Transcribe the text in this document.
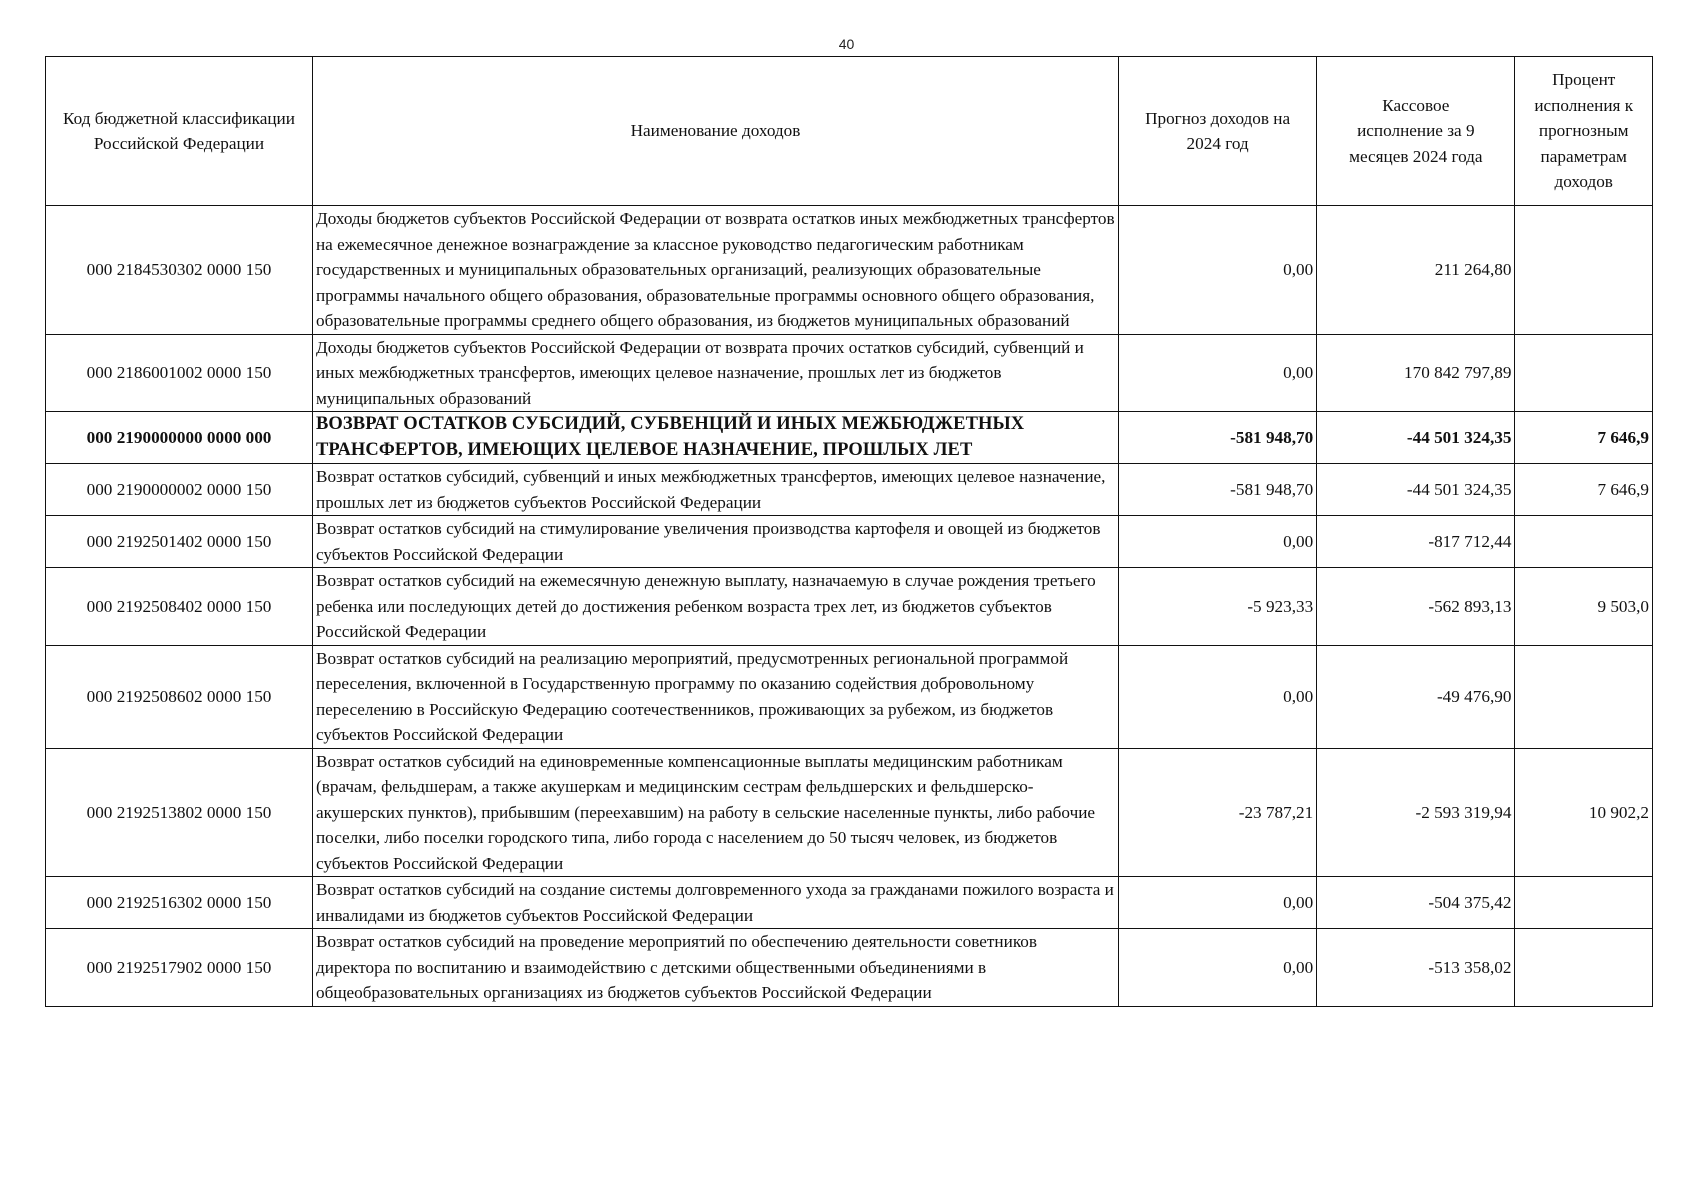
40
Код бюджетной классификации Российской Федерации	Наименование доходов	Прогноз доходов на 2024 год	Кассовое исполнение за 9 месяцев 2024 года	Процент исполнения к прогнозным параметрам доходов
000 2184530302 0000 150	Доходы бюджетов субъектов Российской Федерации от возврата остатков иных межбюджетных трансфертов на ежемесячное денежное вознаграждение за классное руководство педагогическим работникам государственных и муниципальных образовательных организаций, реализующих образовательные программы начального общего образования, образовательные программы основного общего образования, образовательные программы среднего общего образования, из бюджетов муниципальных образований	0,00	211 264,80	
000 2186001002 0000 150	Доходы бюджетов субъектов Российской Федерации от возврата прочих остатков субсидий, субвенций и иных межбюджетных трансфертов, имеющих целевое назначение, прошлых лет из бюджетов муниципальных образований	0,00	170 842 797,89	
000 2190000000 0000 000	ВОЗВРАТ ОСТАТКОВ СУБСИДИЙ, СУБВЕНЦИЙ И ИНЫХ МЕЖБЮДЖЕТНЫХ ТРАНСФЕРТОВ, ИМЕЮЩИХ ЦЕЛЕВОЕ НАЗНАЧЕНИЕ, ПРОШЛЫХ ЛЕТ	-581 948,70	-44 501 324,35	7 646,9
000 2190000002 0000 150	Возврат остатков субсидий, субвенций и иных межбюджетных трансфертов, имеющих целевое назначение, прошлых лет из бюджетов субъектов Российской Федерации	-581 948,70	-44 501 324,35	7 646,9
000 2192501402 0000 150	Возврат остатков субсидий на стимулирование увеличения производства картофеля и овощей из бюджетов субъектов Российской Федерации	0,00	-817 712,44	
000 2192508402 0000 150	Возврат остатков субсидий на ежемесячную денежную выплату, назначаемую в случае рождения третьего ребенка или последующих детей до достижения ребенком возраста трех лет, из бюджетов субъектов Российской Федерации	-5 923,33	-562 893,13	9 503,0
000 2192508602 0000 150	Возврат остатков субсидий на реализацию мероприятий, предусмотренных региональной программой переселения, включенной в Государственную программу по оказанию содействия добровольному переселению в Российскую Федерацию соотечественников, проживающих за рубежом, из бюджетов субъектов Российской Федерации	0,00	-49 476,90	
000 2192513802 0000 150	Возврат остатков субсидий на единовременные компенсационные выплаты медицинским работникам (врачам, фельдшерам, а также акушеркам и медицинским сестрам фельдшерских и фельдшерско-акушерских пунктов), прибывшим (переехавшим) на работу в сельские населенные пункты, либо рабочие поселки, либо поселки городского типа, либо города с населением до 50 тысяч человек, из бюджетов субъектов Российской Федерации	-23 787,21	-2 593 319,94	10 902,2
000 2192516302 0000 150	Возврат остатков субсидий на создание системы долговременного ухода за гражданами пожилого возраста и инвалидами из бюджетов субъектов Российской Федерации	0,00	-504 375,42	
000 2192517902 0000 150	Возврат остатков субсидий на проведение мероприятий по обеспечению деятельности советников директора по воспитанию и взаимодействию с детскими общественными объединениями в общеобразовательных организациях из бюджетов субъектов Российской Федерации	0,00	-513 358,02	
